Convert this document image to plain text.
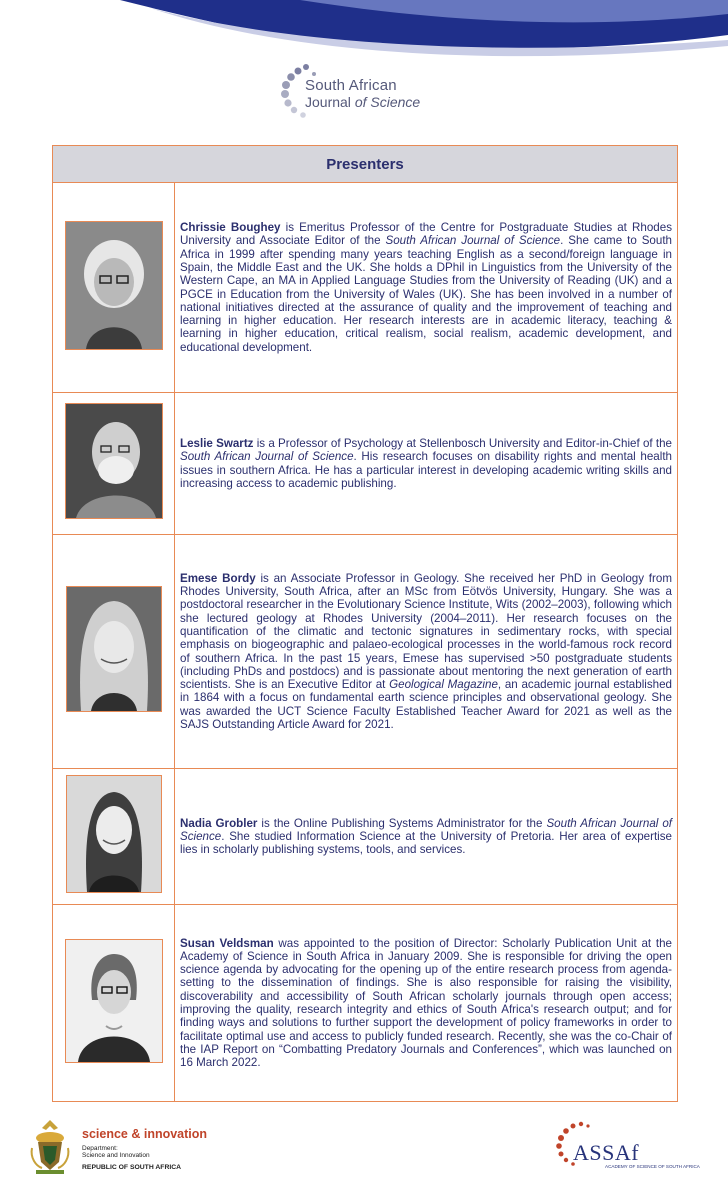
South African
Journal of Science
Presenters	

	Chrissie Boughey is Emeritus Professor of the Centre for Postgraduate Studies at Rhodes University and Associate Editor of the South African Journal of Science. She came to South Africa in 1999 after spending many years teaching English as a second/foreign language in Spain, the Middle East and the UK. She holds a DPhil in Linguistics from the University of the Western Cape, an MA in Applied Language Studies from the University of Reading (UK) and a PGCE in Education from the University of Wales (UK). She has been involved in a number of national initiatives directed at the assurance of quality and the improvement of teaching and learning in higher education. Her research interests are in academic literacy, teaching & learning in higher education, critical realism, social realism, academic development, and educational development.

	Leslie Swartz is a Professor of Psychology at Stellenbosch University and Editor-in-Chief of the South African Journal of Science. His research focuses on disability rights and mental health issues in southern Africa. He has a particular interest in developing academic writing skills and increasing access to academic publishing.

	Emese Bordy is an Associate Professor in Geology. She received her PhD in Geology from Rhodes University, South Africa, after an MSc from Eötvös University, Hungary. She was a postdoctoral researcher in the Evolutionary Science Institute, Wits (2002–2003), following which she lectured geology at Rhodes University (2004–2011). Her research focuses on the quantification of the climatic and tectonic signatures in sedimentary rocks, with special emphasis on biogeographic and palaeo-ecological processes in the world-famous rock record of southern Africa. In the past 15 years, Emese has supervised >50 postgraduate students (including PhDs and postdocs) and is passionate about mentoring the next generation of earth scientists. She is an Executive Editor at Geological Magazine, an academic journal established in 1864 with a focus on fundamental earth science principles and observational geology. She was awarded the UCT Science Faculty Established Teacher Award for 2021 as well as the SAJS Outstanding Article Award for 2021.

	Nadia Grobler is the Online Publishing Systems Administrator for the South African Journal of Science. She studied Information Science at the University of Pretoria. Her area of expertise lies in scholarly publishing systems, tools, and services.

	Susan Veldsman was appointed to the position of Director: Scholarly Publication Unit at the Academy of Science in South Africa in January 2009. She is responsible for driving the open science agenda by advocating for the opening up of the entire research process from agenda-setting to the dissemination of findings. She is also responsible for raising the visibility, discoverability and accessibility of South African scholarly journals through open access; improving the quality, research integrity and ethics of South Africa's research output; and for finding ways and solutions to further support the development of policy frameworks in order to facilitate optimal use and access to publicly funded research. Recently, she was the co-Chair of the IAP Report on “Combatting Predatory Journals and Conferences”, which was launched on 16 March 2022.
science & innovation
Department:
Science and Innovation
REPUBLIC OF SOUTH AFRICA
ASSAf
ACADEMY OF SCIENCE OF SOUTH AFRICA
